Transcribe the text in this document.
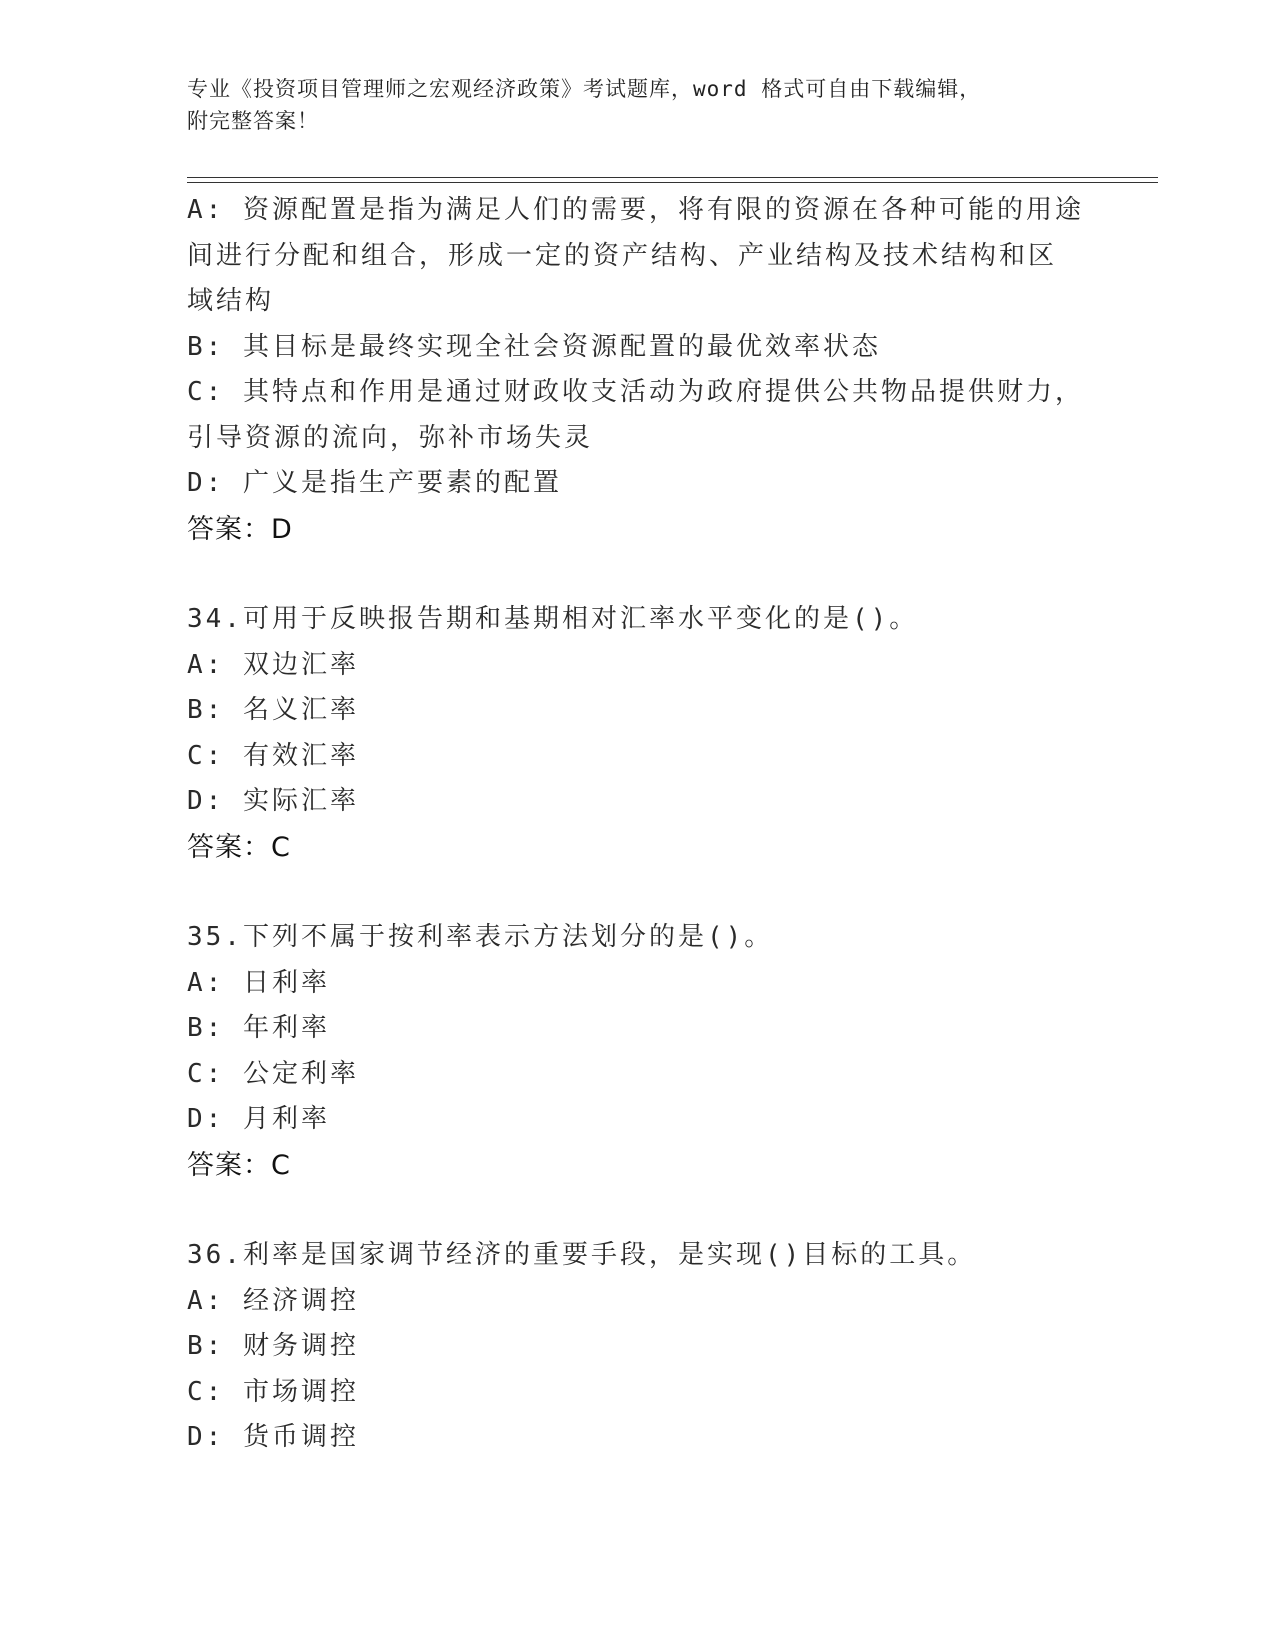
专业《投资项目管理师之宏观经济政策》考试题库，word 格式可自由下载编辑，
附完整答案！
A: 资源配置是指为满足人们的需要，将有限的资源在各种可能的用途
间进行分配和组合，形成一定的资产结构、产业结构及技术结构和区
域结构
B: 其目标是最终实现全社会资源配置的最优效率状态
C: 其特点和作用是通过财政收支活动为政府提供公共物品提供财力，
引导资源的流向，弥补市场失灵
D: 广义是指生产要素的配置
答案：D
34.可用于反映报告期和基期相对汇率水平变化的是()。
A: 双边汇率
B: 名义汇率
C: 有效汇率
D: 实际汇率
答案：C
35.下列不属于按利率表示方法划分的是()。
A: 日利率
B: 年利率
C: 公定利率
D: 月利率
答案：C
36.利率是国家调节经济的重要手段，是实现()目标的工具。
A: 经济调控
B: 财务调控
C: 市场调控
D: 货币调控
